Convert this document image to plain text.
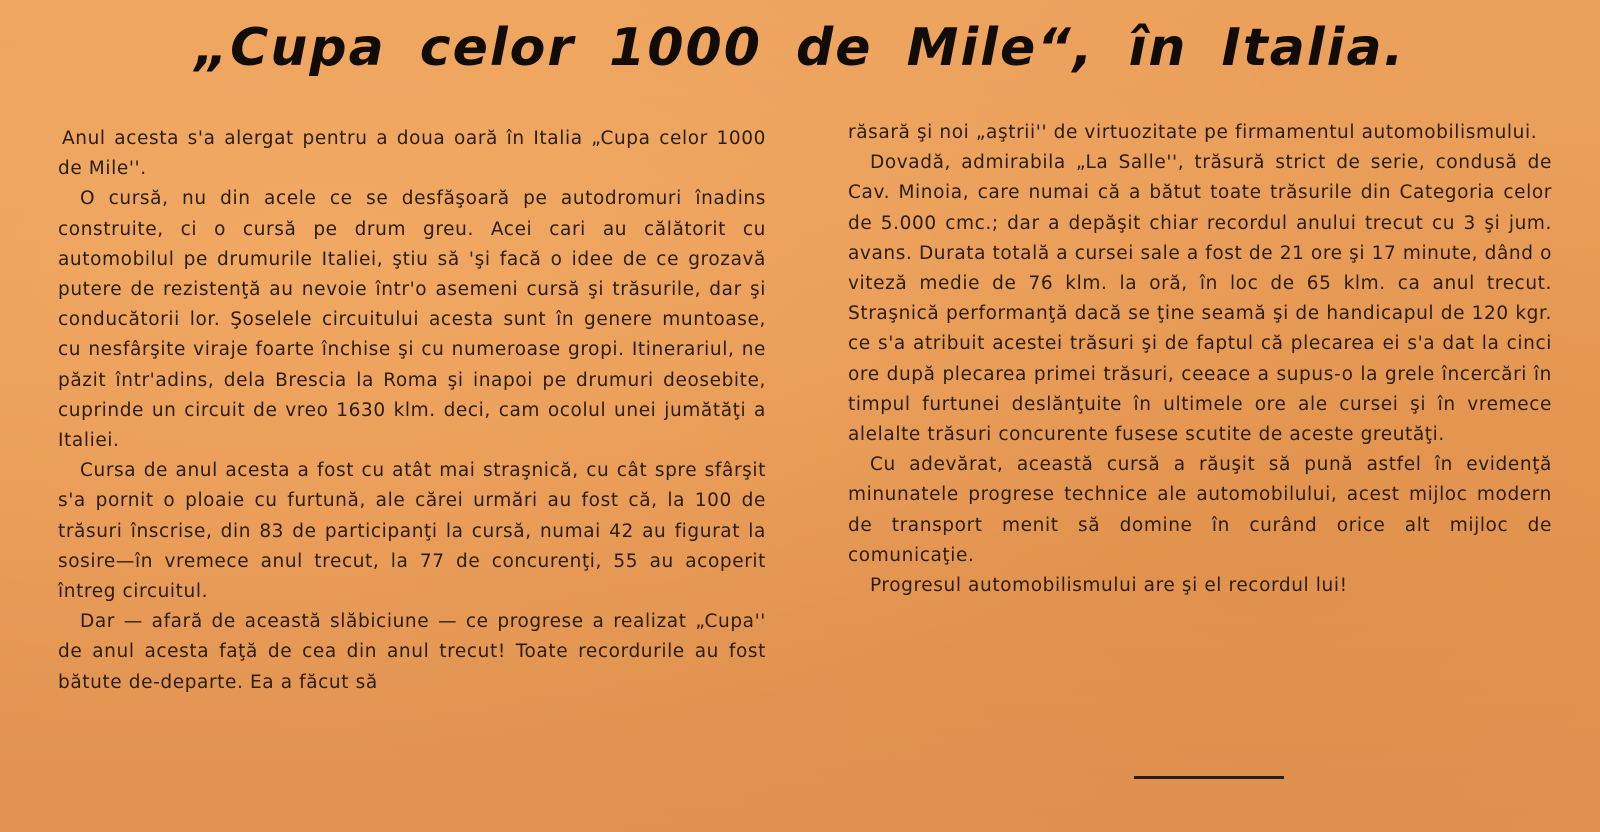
„Cupa celor 1000 de Mile“, în Italia.

Anul acesta s'a alergat pentru a doua oară în Italia „Cupa celor 1000 de Mile''.

O cursă, nu din acele ce se desfăşoară pe autodromuri înadins construite, ci o cursă pe drum greu. Acei cari au călătorit cu automobilul pe drumurile Italiei, ştiu să 'şi facă o idee de ce grozavă putere de rezistenţă au nevoie într'o asemeni cursă şi trăsurile, dar şi conducătorii lor. Şoselele circuitului acesta sunt în genere muntoase, cu nesfârşite viraje foarte închise şi cu numeroase gropi. Itinerariul, ne păzit într'adins, dela Brescia la Roma şi inapoi pe drumuri deosebite, cuprinde un circuit de vreo 1630 klm. deci, cam ocolul unei jumătăţi a Italiei.

Cursa de anul acesta a fost cu atât mai straşnică, cu cât spre sfârşit s'a pornit o ploaie cu furtună, ale cărei urmări au fost că, la 100 de trăsuri înscrise, din 83 de participanţi la cursă, numai 42 au figurat la sosire—în vremece anul trecut, la 77 de concurenţi, 55 au acoperit întreg circuitul.

Dar — afară de această slăbiciune — ce progrese a realizat „Cupa'' de anul acesta faţă de cea din anul trecut! Toate recordurile au fost bătute de-departe. Ea a făcut să

răsară şi noi „aştrii'' de virtuozitate pe firmamentul automobilismului.

Dovadă, admirabila „La Salle'', trăsură strict de serie, condusă de Cav. Minoia, care numai că a bătut toate trăsurile din Categoria celor de 5.000 cmc.; dar a depăşit chiar recordul anului trecut cu 3 şi jum. avans. Durata totală a cursei sale a fost de 21 ore şi 17 minute, dând o viteză medie de 76 klm. la oră, în loc de 65 klm. ca anul trecut. Straşnică performanţă dacă se ţine seamă şi de handicapul de 120 kgr. ce s'a atribuit acestei trăsuri şi de faptul că plecarea ei s'a dat la cinci ore după plecarea primei trăsuri, ceeace a supus-o la grele încercări în timpul furtunei deslănţuite în ultimele ore ale cursei şi în vremece alelalte trăsuri concurente fusese scutite de aceste greutăţi.

Cu adevărat, această cursă a răuşit să pună astfel în evidenţă minunatele progrese technice ale automobilului, acest mijloc modern de transport menit să domine în curând orice alt mijloc de comunicaţie.

Progresul automobilismului are şi el recordul lui!
